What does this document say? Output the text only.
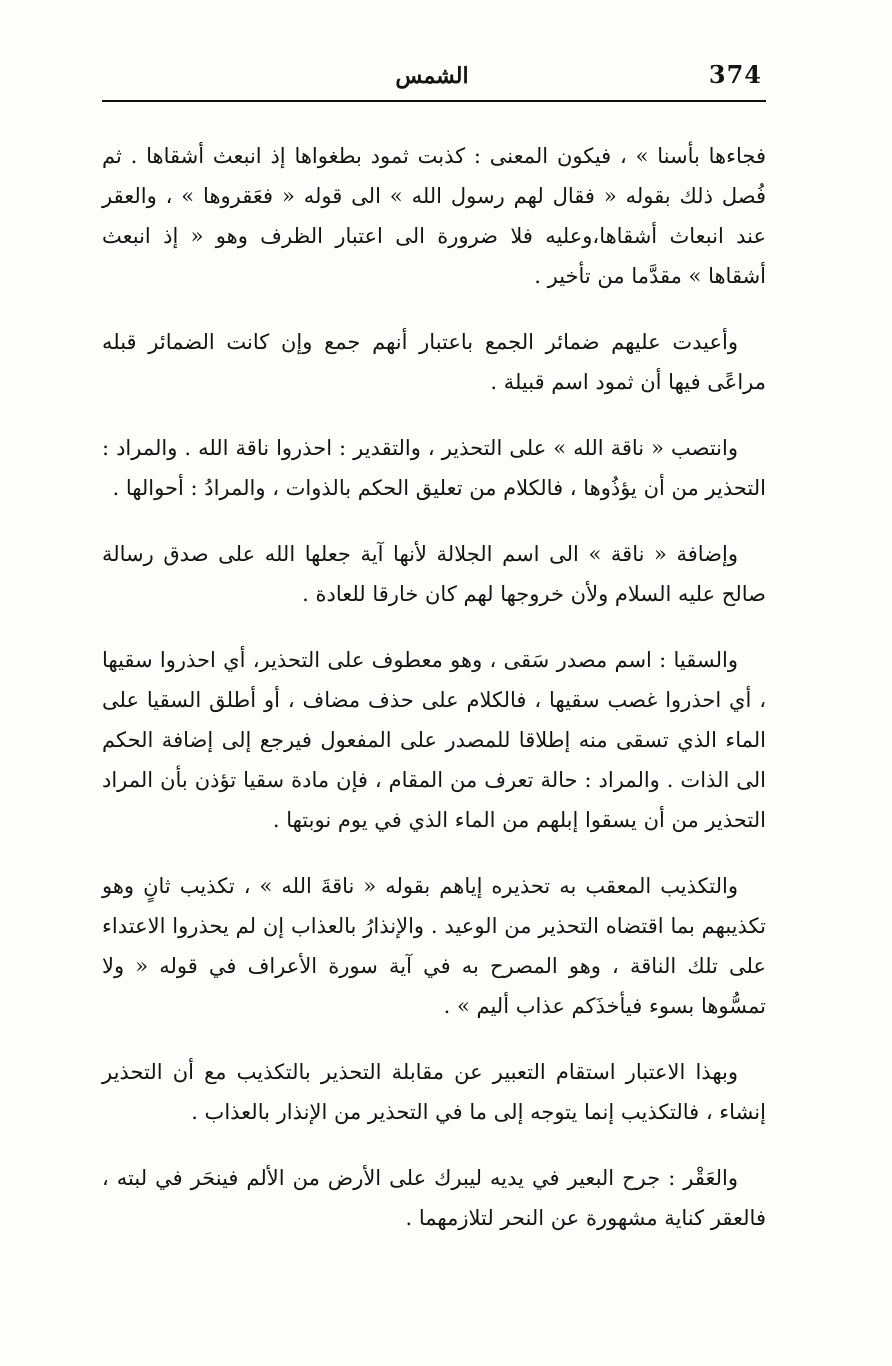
374
الشمس

فجاءها بأسنا » ، فيكون المعنى : كذبت ثمود بطغواها إذ انبعث أشقاها . ثم فُصل ذلك بقوله « فقال لهم رسول الله » الى قوله « فعَقروها » ، والعقر عند انبعاث أشقاها،وعليه فلا ضرورة الى اعتبار الظرف وهو « إذ انبعث أشقاها » مقدَّما من تأخير .

وأعيدت عليهم ضمائر الجمع باعتبار أنهم جمع وإن كانت الضمائر قبله مراعًى فيها أن ثمود اسم قبيلة .

وانتصب « ناقة الله » على التحذير ، والتقدير : احذروا ناقة الله . والمراد : التحذير من أن يؤذُوها ، فالكلام من تعليق الحكم بالذوات ، والمرادُ : أحوالها .

وإضافة « ناقة » الى اسم الجلالة لأنها آية جعلها الله على صدق رسالة صالح عليه السلام ولأن خروجها لهم كان خارقا للعادة .

والسقيا : اسم مصدر سَقى ، وهو معطوف على التحذير، أي احذروا سقيها ، أي احذروا غصب سقيها ، فالكلام على حذف مضاف ، أو أطلق السقيا على الماء الذي تسقى منه إطلاقا للمصدر على المفعول فيرجع إلى إضافة الحكم الى الذات . والمراد : حالة تعرف من المقام ، فإن مادة سقيا تؤذن بأن المراد التحذير من أن يسقوا إبلهم من الماء الذي في يوم نوبتها .

والتكذيب المعقب به تحذيره إياهم بقوله « ناقةَ الله » ، تكذيب ثانٍ وهو تكذيبهم بما اقتضاه التحذير من الوعيد . والإنذارُ بالعذاب إن لم يحذروا الاعتداء على تلك الناقة ، وهو المصرح به في آية سورة الأعراف في قوله « ولا تمسُّوها بسوء فيأخذَكم عذاب أليم » .

وبهذا الاعتبار استقام التعبير عن مقابلة التحذير بالتكذيب مع أن التحذير إنشاء ، فالتكذيب إنما يتوجه إلى ما في التحذير من الإنذار بالعذاب .

والعَقْر : جرح البعير في يديه ليبرك على الأرض من الألم فينحَر في لبته ، فالعقر كناية مشهورة عن النحر لتلازمهما .
